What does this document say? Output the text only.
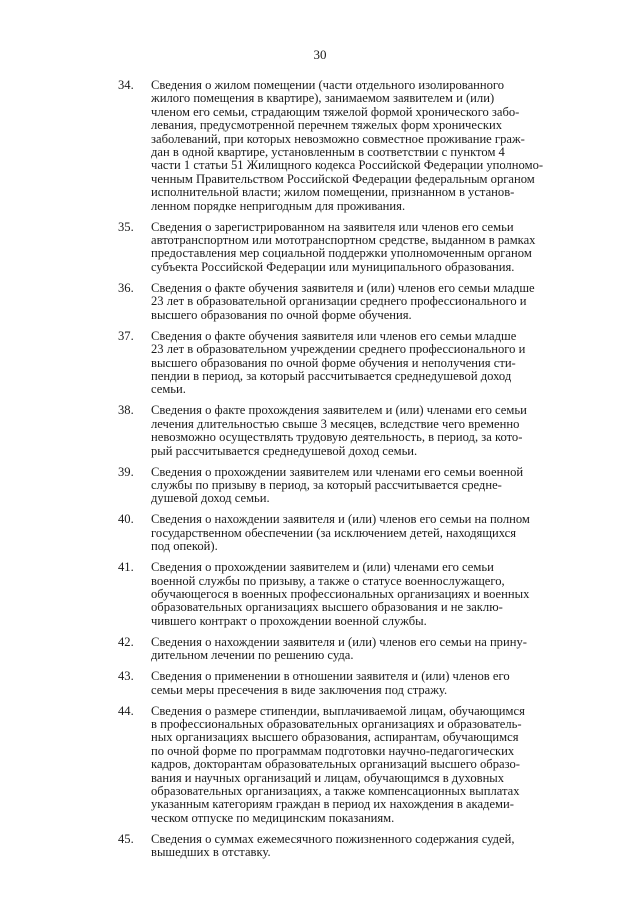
30
34.	Сведения о жилом помещении (части отдельного изолированного
жилого помещения в квартире), занимаемом заявителем и (или)
членом его семьи, страдающим тяжелой формой хронического забо-
левания, предусмотренной перечнем тяжелых форм хронических
заболеваний, при которых невозможно совместное проживание граж-
дан в одной квартире, установленным в соответствии с пунктом 4
части 1 статьи 51 Жилищного кодекса Российской Федерации уполномо-
ченным Правительством Российской Федерации федеральным органом
исполнительной власти; жилом помещении, признанном в установ-
ленном порядке непригодным для проживания.
35.	Сведения о зарегистрированном на заявителя или членов его семьи
автотранспортном или мототранспортном средстве, выданном в рамках
предоставления мер социальной поддержки уполномоченным органом
субъекта Российской Федерации или муниципального образования.
36.	Сведения о факте обучения заявителя и (или) членов его семьи младше
23 лет в образовательной организации среднего профессионального и
высшего образования по очной форме обучения.
37.	Сведения о факте обучения заявителя или членов его семьи младше
23 лет в образовательном учреждении среднего профессионального и
высшего образования по очной форме обучения и неполучения сти-
пендии в период, за который рассчитывается среднедушевой доход
семьи.
38.	Сведения о факте прохождения заявителем и (или) членами его семьи
лечения длительностью свыше 3 месяцев, вследствие чего временно
невозможно осуществлять трудовую деятельность, в период, за кото-
рый рассчитывается среднедушевой доход семьи.
39.	Сведения о прохождении заявителем или членами его семьи военной
службы по призыву в период, за который рассчитывается средне-
душевой доход семьи.
40.	Сведения о нахождении заявителя и (или) членов его семьи на полном
государственном обеспечении (за исключением детей, находящихся
под опекой).
41.	Сведения о прохождении заявителем и (или) членами его семьи
военной службы по призыву, а также о статусе военнослужащего,
обучающегося в военных профессиональных организациях и военных
образовательных организациях высшего образования и не заклю-
чившего контракт о прохождении военной службы.
42.	Сведения о нахождении заявителя и (или) членов его семьи на прину-
дительном лечении по решению суда.
43.	Сведения о применении в отношении заявителя и (или) членов его
семьи меры пресечения в виде заключения под стражу.
44.	Сведения о размере стипендии, выплачиваемой лицам, обучающимся
в профессиональных образовательных организациях и образователь-
ных организациях высшего образования, аспирантам, обучающимся
по очной форме по программам подготовки научно-педагогических
кадров, докторантам образовательных организаций высшего образо-
вания и научных организаций и лицам, обучающимся в духовных
образовательных организациях, а также компенсационных выплатах
указанным категориям граждан в период их нахождения в академи-
ческом отпуске по медицинским показаниям.
45.	Сведения о суммах ежемесячного пожизненного содержания судей,
вышедших в отставку.
